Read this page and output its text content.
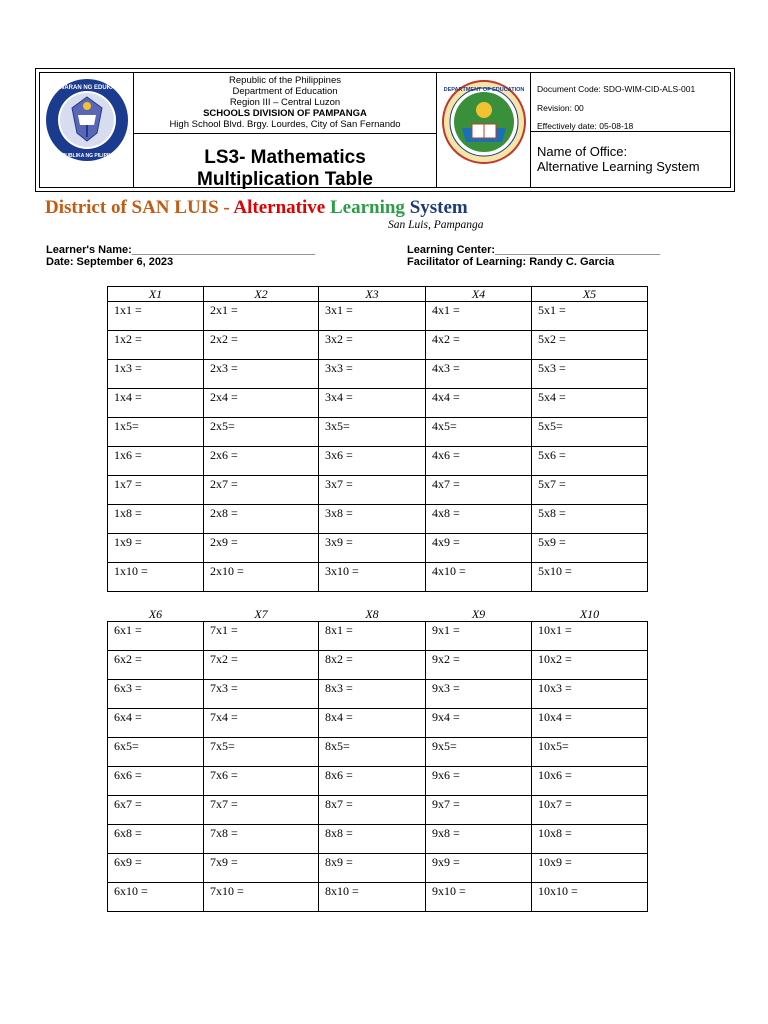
KAGAWARAN NG EDUKASYON
REPUBLIKA NG PILIPINAS
Republic of the Philippines
Department of Education
Region III – Central Luzon
SCHOOLS DIVISION OF PAMPANGA
High School Blvd. Brgy. Lourdes, City of San Fernando
LS3- Mathematics
Multiplication Table
DEPARTMENT OF EDUCATION Document Code: SDO-WIM-CID-ALS-001
Revision: 00
Effectively date: 05-08-18
Name of Office:
Alternative Learning System
District of SAN LUIS - Alternative Learning System
San Luis, Pampanga
Learner's Name:______________________________
Date: September 6, 2023
Learning Center:___________________________
Facilitator of Learning: Randy C. Garcia
X1	X2	X3	X4	X5

1x1 =	2x1 =	3x1 =	4x1 =	5x1 =

1x2 =	2x2 =	3x2 =	4x2 =	5x2 =

1x3 =	2x3 =	3x3 =	4x3 =	5x3 =

1x4 =	2x4 =	3x4 =	4x4 =	5x4 =

1x5=	2x5=	3x5=	4x5=	5x5=

1x6 =	2x6 =	3x6 =	4x6 =	5x6 =

1x7 =	2x7 =	3x7 =	4x7 =	5x7 =

1x8 =	2x8 =	3x8 =	4x8 =	5x8 =

1x9 =	2x9 =	3x9 =	4x9 =	5x9 =

1x10 =	2x10 =	3x10 =	4x10 =	5x10 =
X6	X7	X8	X9	X10

6x1 =	7x1 =	8x1 =	9x1 =	10x1 =

6x2 =	7x2 =	8x2 =	9x2 =	10x2 =

6x3 =	7x3 =	8x3 =	9x3 =	10x3 =

6x4 =	7x4 =	8x4 =	9x4 =	10x4 =

6x5=	7x5=	8x5=	9x5=	10x5=

6x6 =	7x6 =	8x6 =	9x6 =	10x6 =

6x7 =	7x7 =	8x7 =	9x7 =	10x7 =

6x8 =	7x8 =	8x8 =	9x8 =	10x8 =

6x9 =	7x9 =	8x9 =	9x9 =	10x9 =

6x10 =	7x10 =	8x10 =	9x10 =	10x10 =
